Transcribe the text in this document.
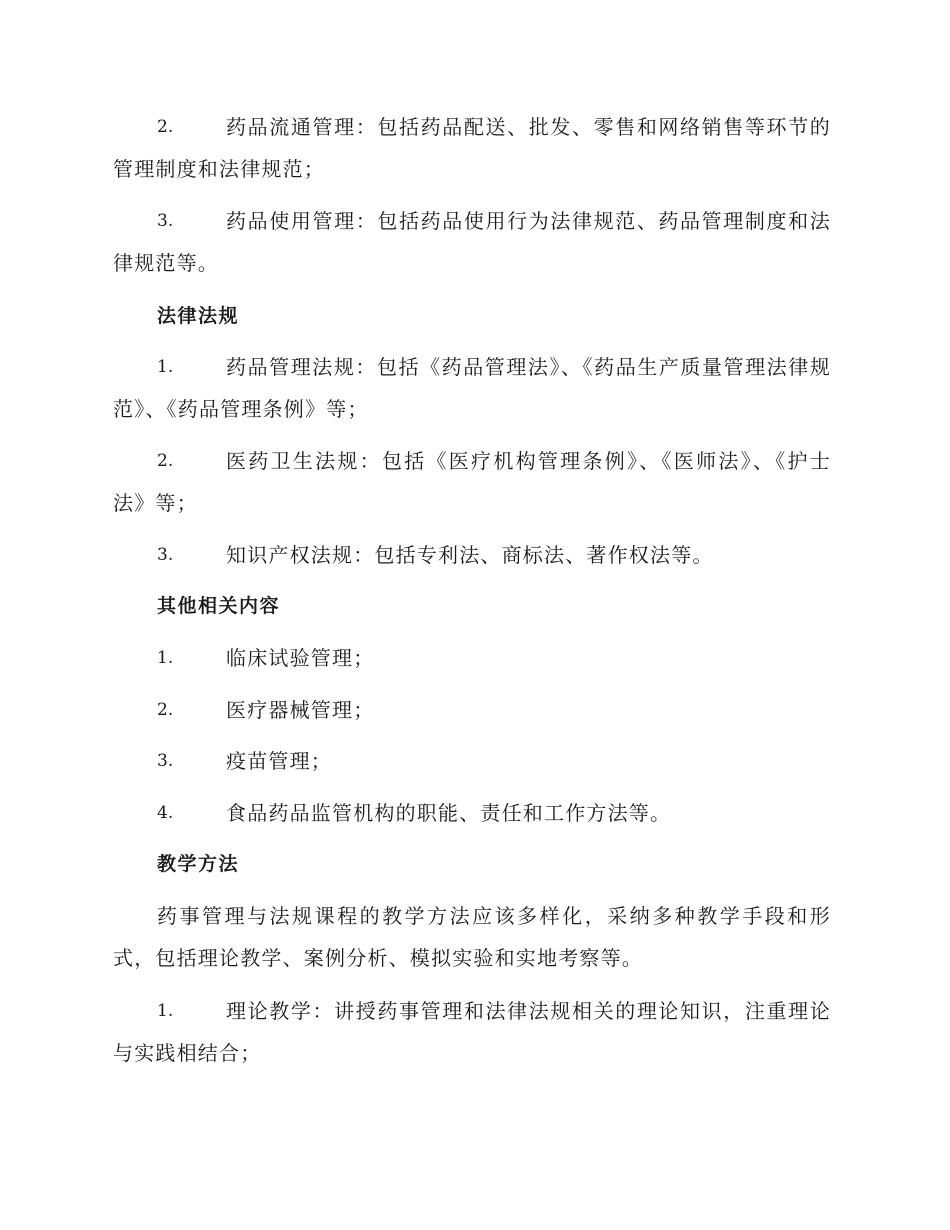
2.	药品流通管理：包括药品配送、批发、零售和网络销售等环节的管理制度和法律规范；
3.	药品使用管理：包括药品使用行为法律规范、药品管理制度和法律规范等。
法律法规
1.	药品管理法规：包括《药品管理法》、《药品生产质量管理法律规范》、《药品管理条例》等；
2.	医药卫生法规：包括《医疗机构管理条例》、《医师法》、《护士法》等；
3.	知识产权法规：包括专利法、商标法、著作权法等。
其他相关内容
1.	临床试验管理；
2.	医疗器械管理；
3.	疫苗管理；
4.	食品药品监管机构的职能、责任和工作方法等。
教学方法
药事管理与法规课程的教学方法应该多样化，采纳多种教学手段和形式，包括理论教学、案例分析、模拟实验和实地考察等。
1.	理论教学：讲授药事管理和法律法规相关的理论知识，注重理论与实践相结合；
